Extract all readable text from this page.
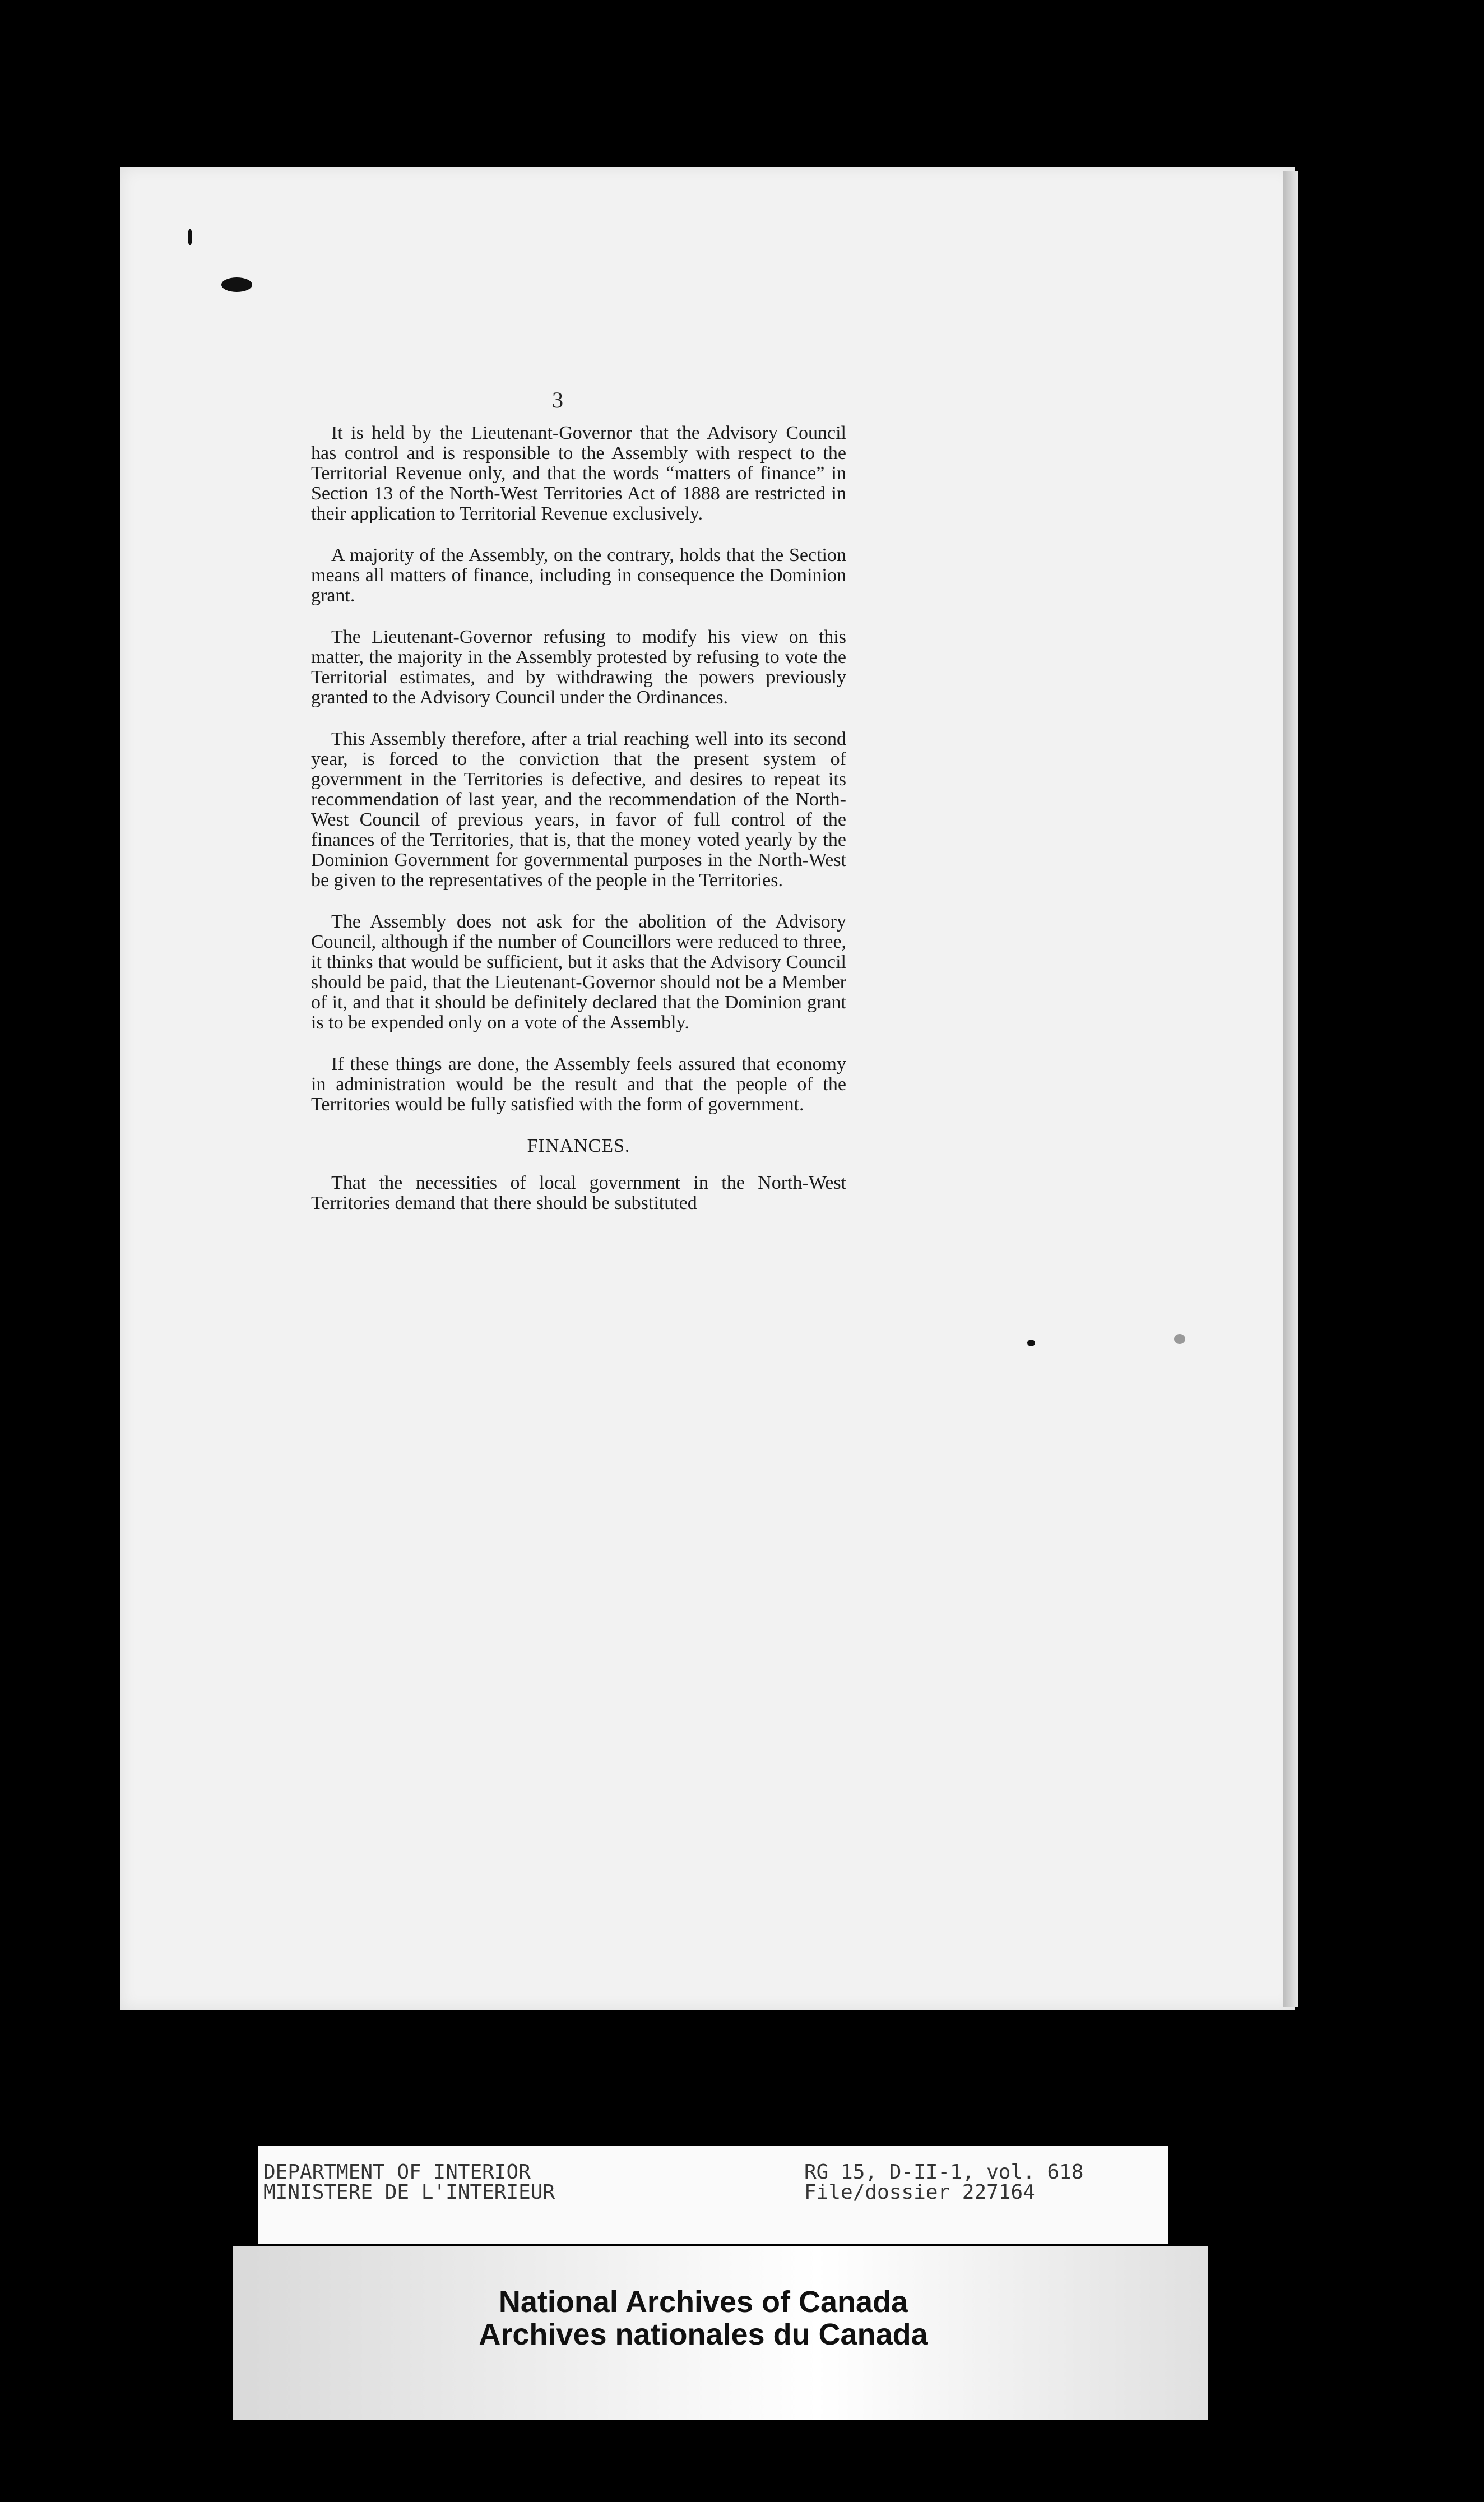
3

It is held by the Lieutenant-Governor that the Advisory Council has control and is responsible to the Assembly with respect to the Territorial Revenue only, and that the words “matters of finance” in Section 13 of the North-West Territories Act of 1888 are restricted in their application to Territorial Revenue exclusively.

A majority of the Assembly, on the contrary, holds that the Section means all matters of finance, including in consequence the Dominion grant.

The Lieutenant-Governor refusing to modify his view on this matter, the majority in the Assembly protested by refusing to vote the Territorial estimates, and by withdrawing the powers previously granted to the Advisory Council under the Ordinances.

This Assembly therefore, after a trial reaching well into its second year, is forced to the conviction that the present system of government in the Territories is defective, and desires to repeat its recommendation of last year, and the recommendation of the North-West Council of previous years, in favor of full control of the finances of the Territories, that is, that the money voted yearly by the Dominion Government for governmental purposes in the North-West be given to the representatives of the people in the Territories.

The Assembly does not ask for the abolition of the Advisory Council, although if the number of Councillors were reduced to three, it thinks that would be sufficient, but it asks that the Advisory Council should be paid, that the Lieutenant-Governor should not be a Member of it, and that it should be definitely declared that the Dominion grant is to be expended only on a vote of the Assembly.

If these things are done, the Assembly feels assured that economy in administration would be the result and that the people of the Territories would be fully satisfied with the form of government.

FINANCES.

That the necessities of local government in the North-West Territories demand that there should be substituted

DEPARTMENT OF INTERIOR
MINISTERE DE L'INTERIEUR
RG 15, D-II-1, vol. 618
File/dossier 227164
National Archives of Canada
Archives nationales du Canada
